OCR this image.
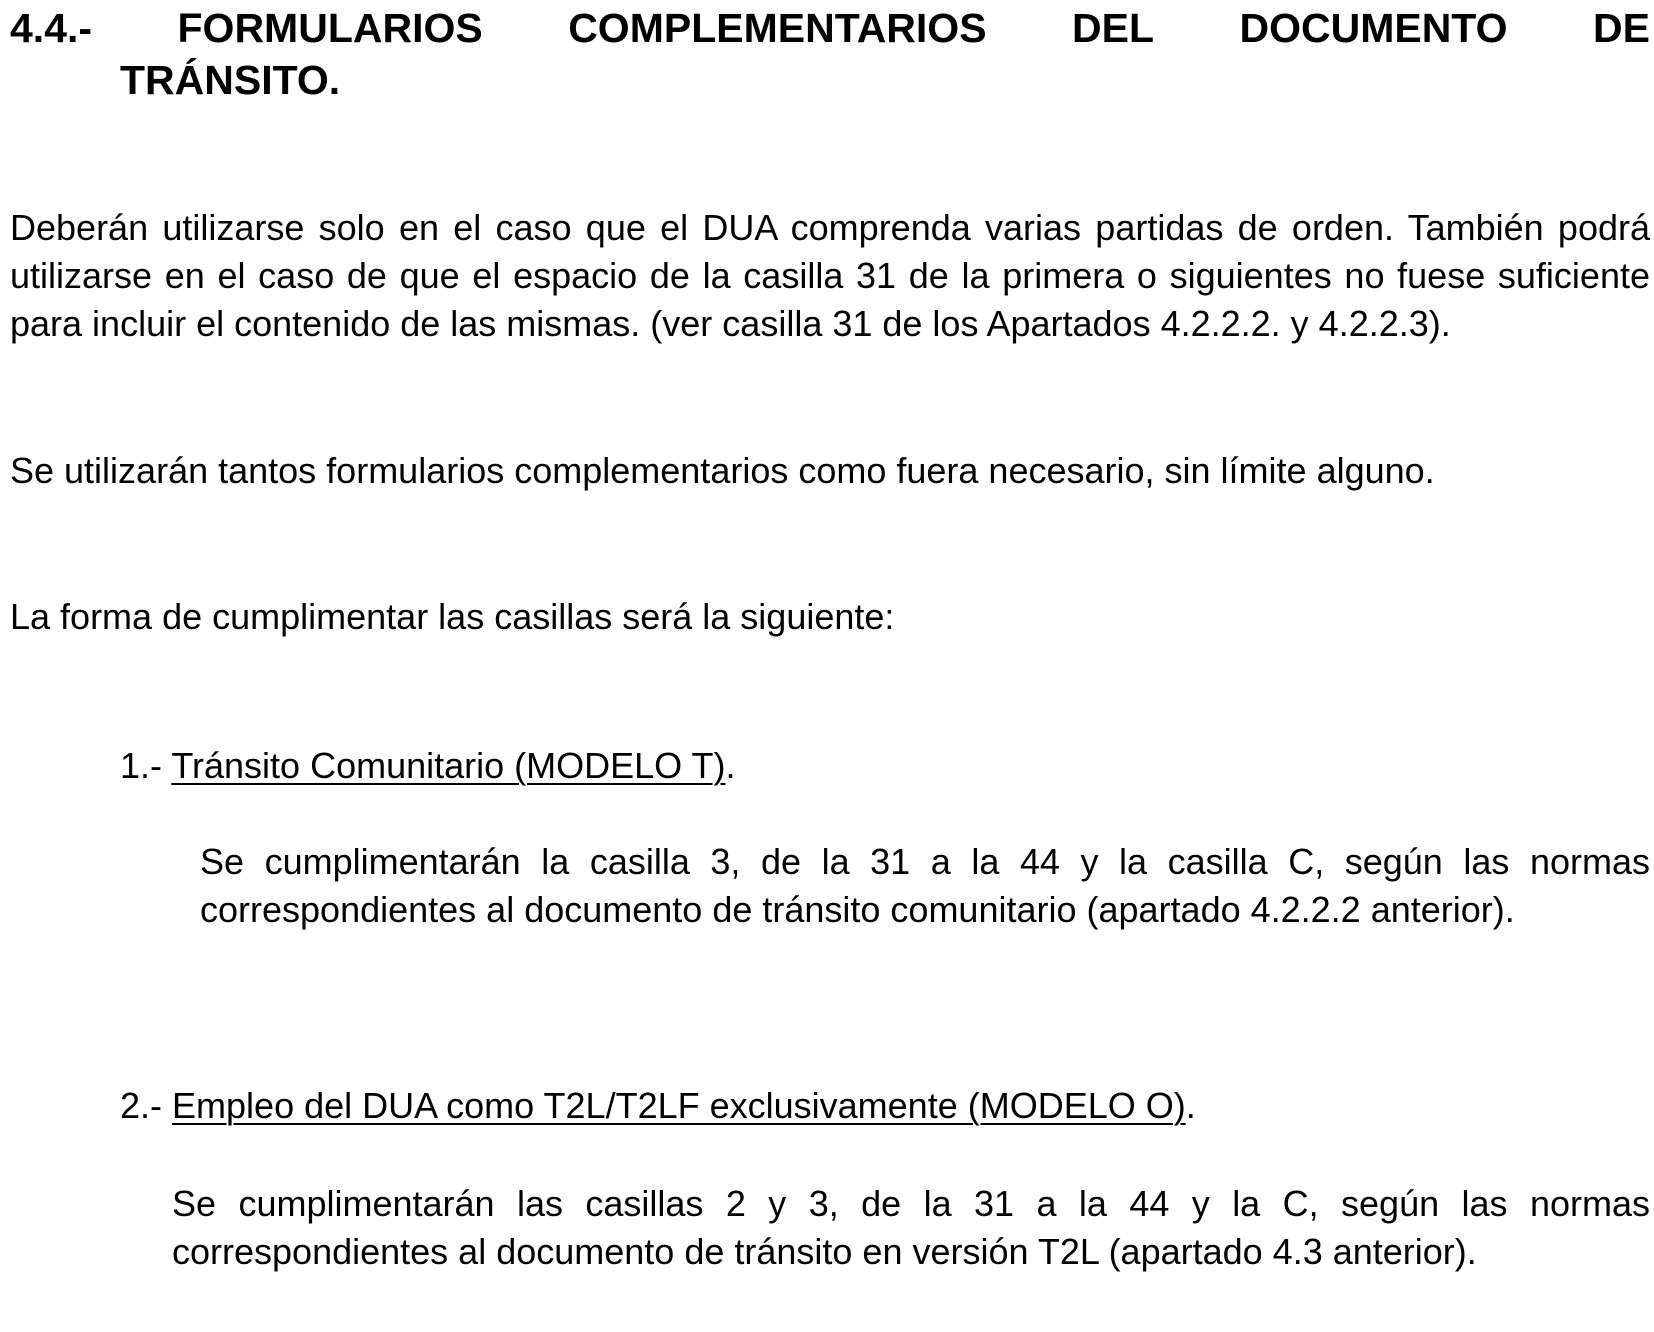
4.4.- FORMULARIOS COMPLEMENTARIOS DEL DOCUMENTO DE
TRÁNSITO.

Deberán utilizarse solo en el caso que el DUA comprenda varias partidas de orden. También podrá utilizarse en el caso de que el espacio de la casilla 31 de la primera o siguientes no fuese suficiente para incluir el contenido de las mismas. (ver casilla 31 de los Apartados 4.2.2.2. y 4.2.2.3).

Se utilizarán tantos formularios complementarios como fuera necesario, sin límite alguno.

La forma de cumplimentar las casillas será la siguiente:

1.- Tránsito Comunitario (MODELO T).

Se cumplimentarán la casilla 3, de la 31 a la 44 y la casilla C, según las normas correspondientes al documento de tránsito comunitario (apartado 4.2.2.2 anterior).

2.- Empleo del DUA como T2L/T2LF exclusivamente (MODELO O).

Se cumplimentarán las casillas 2 y 3, de la 31 a la 44 y la C, según las normas correspondientes al documento de tránsito en versión T2L (apartado 4.3 anterior).
